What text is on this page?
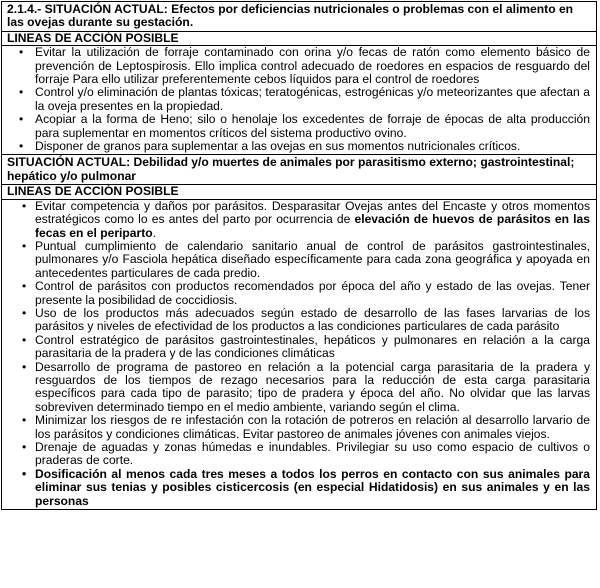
2.1.4.- SITUACIÓN ACTUAL: Efectos por deficiencias nutricionales o problemas con el alimento en las ovejas durante su gestación.
LINEAS DE ACCIÓN POSIBLE
• Evitar la utilización de forraje contaminado con orina y/o fecas de ratón como elemento básico de prevención de Leptospirosis. Ello implica control adecuado de roedores en espacios de resguardo del forraje Para ello utilizar preferentemente cebos líquidos para el control de roedores
• Control y/o eliminación de plantas tóxicas; teratogénicas, estrogénicas y/o meteorizantes que afectan a la oveja presentes en la propiedad.
• Acopiar a la forma de Heno; silo o henolaje los excedentes de forraje de épocas de alta producción para suplementar en momentos críticos del sistema productivo ovino.
• Disponer de granos para suplementar a las ovejas en sus momentos nutricionales críticos.
SITUACIÓN ACTUAL: Debilidad y/o muertes de animales por parasitismo externo; gastrointestinal; hepático y/o pulmonar
LINEAS DE ACCIÓN POSIBLE
• Evitar competencia y daños por parásitos. Desparasitar Ovejas antes del Encaste y otros momentos estratégicos como lo es antes del parto por ocurrencia de elevación de huevos de parásitos en las fecas en el periparto.
• Puntual cumplimiento de calendario sanitario anual de control de parásitos gastrointestinales, pulmonares y/o Fasciola hepática diseñado específicamente para cada zona geográfica y apoyada en antecedentes particulares de cada predio.
• Control de parásitos con productos recomendados por época del año y estado de las ovejas. Tener presente la posibilidad de coccidiosis.
• Uso de los productos más adecuados según estado de desarrollo de las fases larvarias de los parásitos y niveles de efectividad de los productos a las condiciones particulares de cada parásito
• Control estratégico de parásitos gastrointestinales, hepáticos y pulmonares en relación a la carga parasitaria de la pradera y de las condiciones climáticas
• Desarrollo de programa de pastoreo en relación a la potencial carga parasitaria de la pradera y resguardos de los tiempos de rezago necesarios para la reducción de esta carga parasitaria específicos para cada tipo de parasito; tipo de pradera y época del año. No olvidar que las larvas sobreviven determinado tiempo en el medio ambiente, variando según el clima.
• Minimizar los riesgos de re infestación con la rotación de potreros en relación al desarrollo larvario de los parásitos y condiciones climáticas. Evitar pastoreo de animales jóvenes con animales viejos.
• Drenaje de aguadas y zonas húmedas e inundables. Privilegiar su uso como espacio de cultivos o praderas de corte.
• Dosificación al menos cada tres meses a todos los perros en contacto con sus animales para eliminar sus tenias y posibles cisticercosis (en especial Hidatidosis) en sus animales y en las personas
